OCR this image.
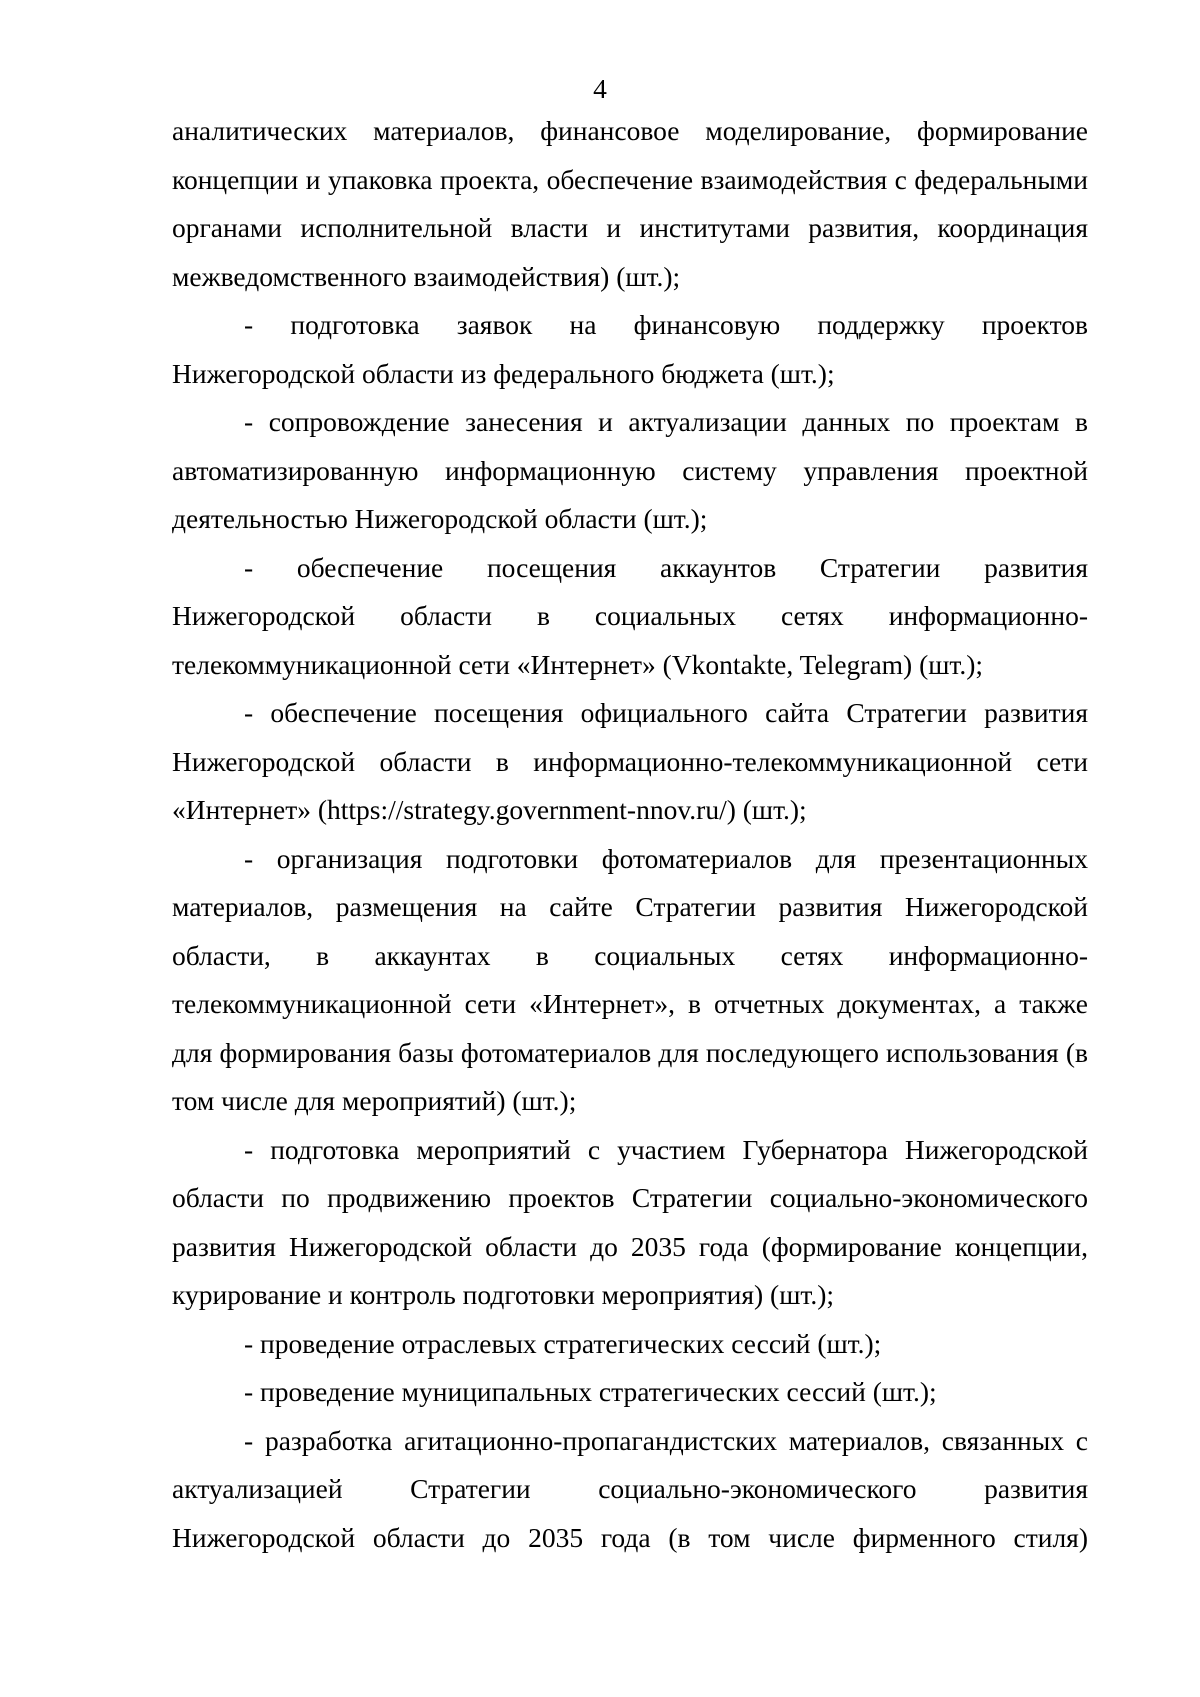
4

аналитических материалов, финансовое моделирование, формирование концепции и упаковка проекта, обеспечение взаимодействия с федеральными органами исполнительной власти и институтами развития, координация межведомственного взаимодействия) (шт.);

- подготовка заявок на финансовую поддержку проектов Нижегородской области из федерального бюджета (шт.);

- сопровождение занесения и актуализации данных по проектам в автоматизированную информационную систему управления проектной деятельностью Нижегородской области (шт.);

- обеспечение посещения аккаунтов Стратегии развития Нижегородской области в социальных сетях информационно-телекоммуникационной сети «Интернет» (Vkontakte, Telegram) (шт.);

- обеспечение посещения официального сайта Стратегии развития Нижегородской области в информационно-телекоммуникационной сети «Интернет» (https://strategy.government-nnov.ru/) (шт.);

- организация подготовки фотоматериалов для презентационных материалов, размещения на сайте Стратегии развития Нижегородской области, в аккаунтах в социальных сетях информационно-телекоммуникационной сети «Интернет», в отчетных документах, а также для формирования базы фотоматериалов для последующего использования (в том числе для мероприятий) (шт.);

- подготовка мероприятий с участием Губернатора Нижегородской области по продвижению проектов Стратегии социально-экономического развития Нижегородской области до 2035 года (формирование концепции, курирование и контроль подготовки мероприятия) (шт.);

- проведение отраслевых стратегических сессий (шт.);

- проведение муниципальных стратегических сессий (шт.);

- разработка агитационно-пропагандистских материалов, связанных с актуализацией Стратегии социально-экономического развития Нижегородской области до 2035 года (в том числе фирменного стиля)
